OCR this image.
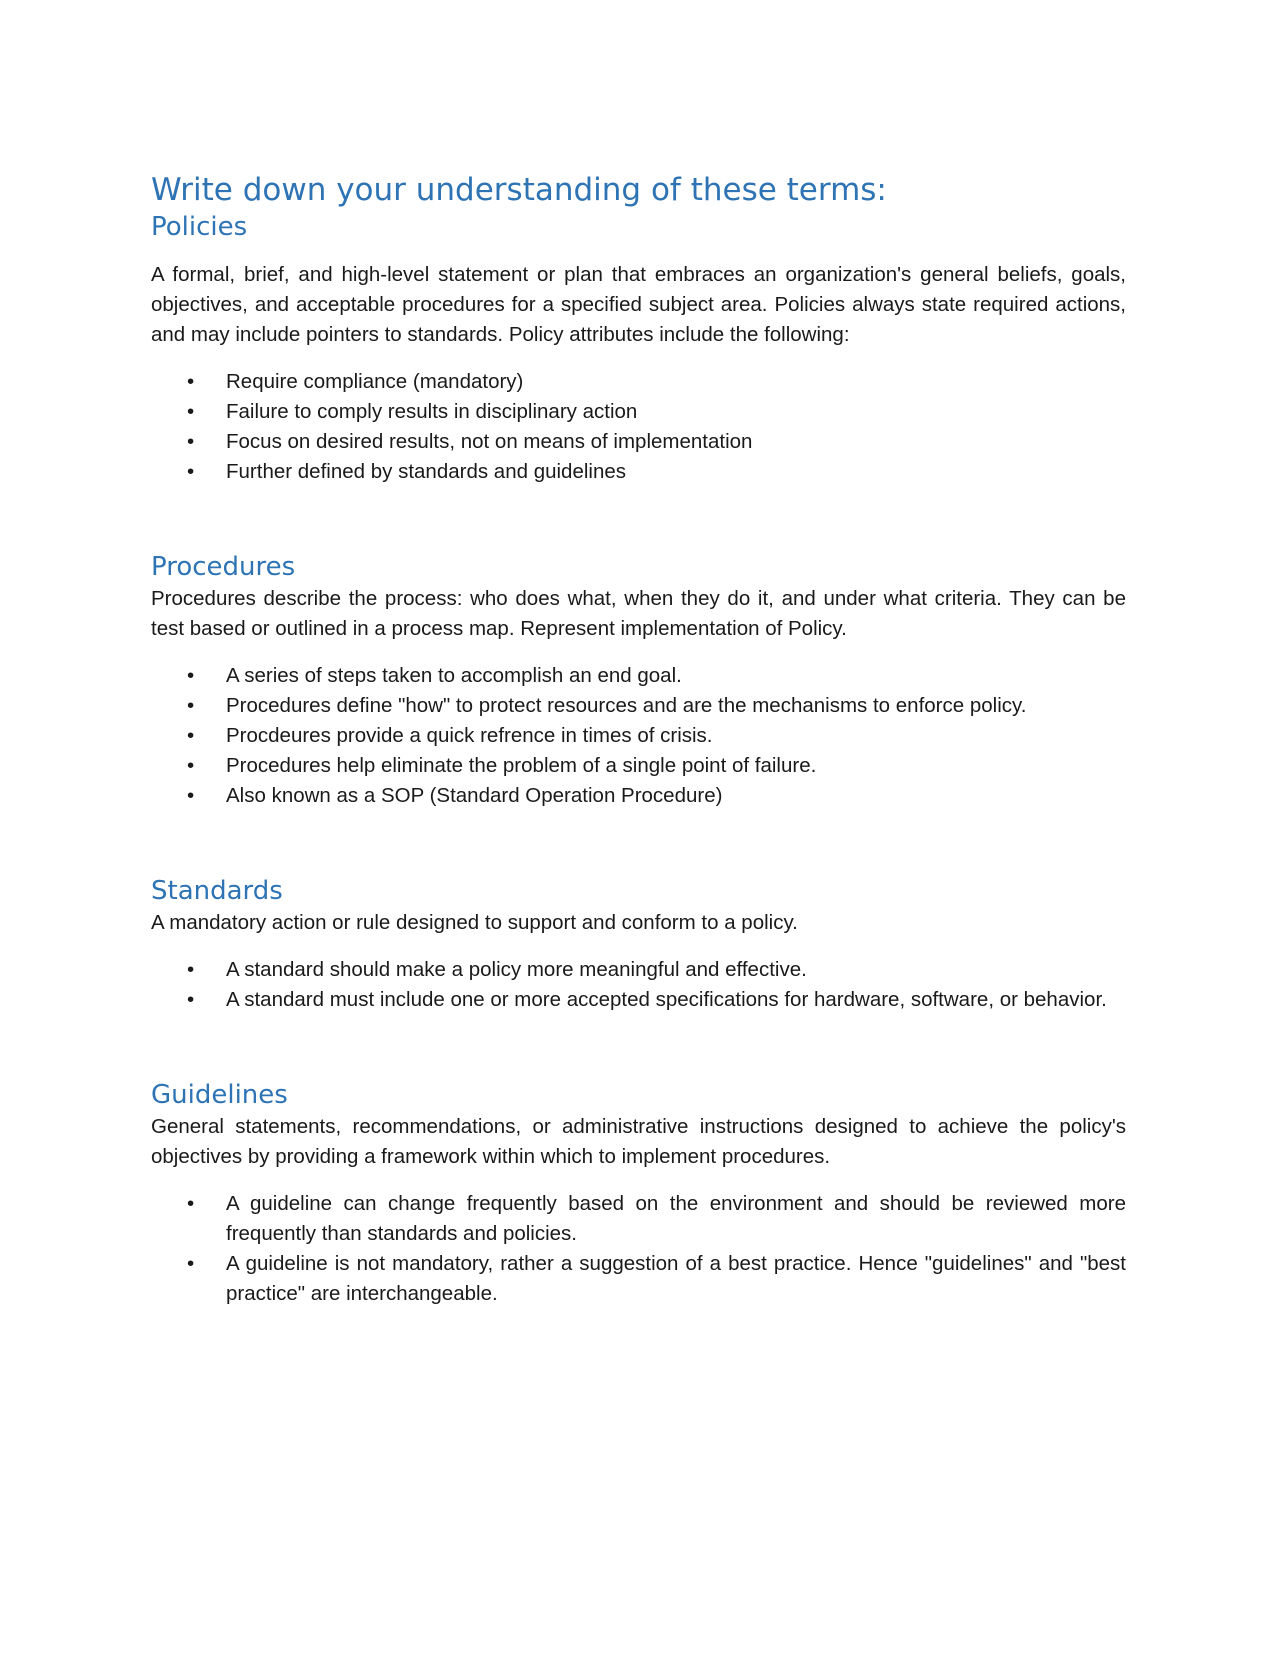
Write down your understanding of these terms:
Policies

A formal, brief, and high-level statement or plan that embraces an organization's general beliefs, goals, objectives, and acceptable procedures for a specified subject area. Policies always state required actions, and may include pointers to standards. Policy attributes include the following:

•	Require compliance (mandatory)
•	Failure to comply results in disciplinary action
•	Focus on desired results, not on means of implementation
•	Further defined by standards and guidelines
Procedures

Procedures describe the process: who does what, when they do it, and under what criteria. They can be test based or outlined in a process map. Represent implementation of Policy.

•	A series of steps taken to accomplish an end goal.
•	Procedures define "how" to protect resources and are the mechanisms to enforce policy.
•	Procdeures provide a quick refrence in times of crisis.
•	Procedures help eliminate the problem of a single point of failure.
•	Also known as a SOP (Standard Operation Procedure)
Standards

A mandatory action or rule designed to support and conform to a policy.

•	A standard should make a policy more meaningful and effective.
•	A standard must include one or more accepted specifications for hardware, software, or behavior.
Guidelines

General statements, recommendations, or administrative instructions designed to achieve the policy's objectives by providing a framework within which to implement procedures.

•	A guideline can change frequently based on the environment and should be reviewed more frequently than standards and policies.
•	A guideline is not mandatory, rather a suggestion of a best practice. Hence "guidelines" and "best practice" are interchangeable.
